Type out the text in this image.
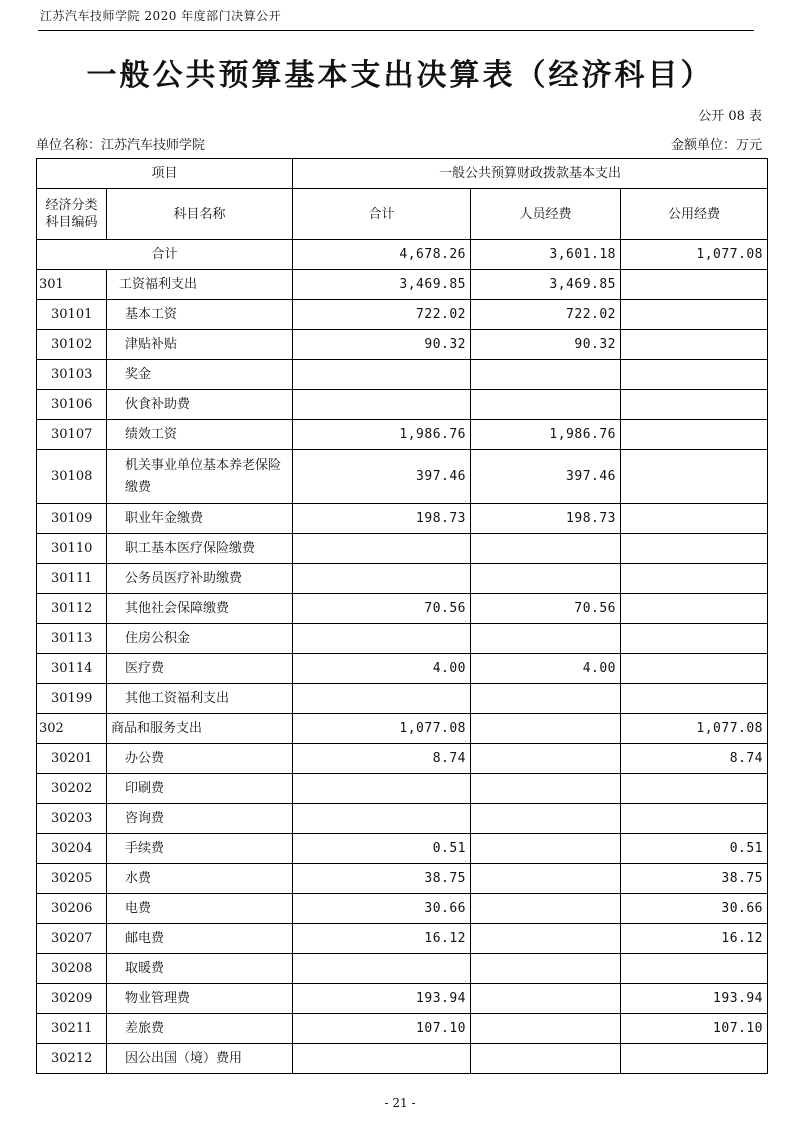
江苏汽车技师学院 2020 年度部门决算公开
一般公共预算基本支出决算表（经济科目）
公开 08 表
单位名称：江苏汽车技师学院	金额单位：万元
项目		一般公共预算财政拨款基本支出		
经济分类科目编码	科目名称	合计	人员经费	公用经费
合计		4,678.26	3,601.18	1,077.08
301	工资福利支出	3,469.85	3,469.85	
30101	基本工资	722.02	722.02	
30102	津贴补贴	90.32	90.32	
30103	奖金			
30106	伙食补助费			
30107	绩效工资	1,986.76	1,986.76	
30108	机关事业单位基本养老保险缴费	397.46	397.46	
30109	职业年金缴费	198.73	198.73	
30110	职工基本医疗保险缴费			
30111	公务员医疗补助缴费			
30112	其他社会保障缴费	70.56	70.56	
30113	住房公积金			
30114	医疗费	4.00	4.00	
30199	其他工资福利支出			
302	商品和服务支出	1,077.08		1,077.08
30201	办公费	8.74		8.74
30202	印刷费			
30203	咨询费			
30204	手续费	0.51		0.51
30205	水费	38.75		38.75
30206	电费	30.66		30.66
30207	邮电费	16.12		16.12
30208	取暖费			
30209	物业管理费	193.94		193.94
30211	差旅费	107.10		107.10
30212	因公出国（境）费用			
- 21 -
